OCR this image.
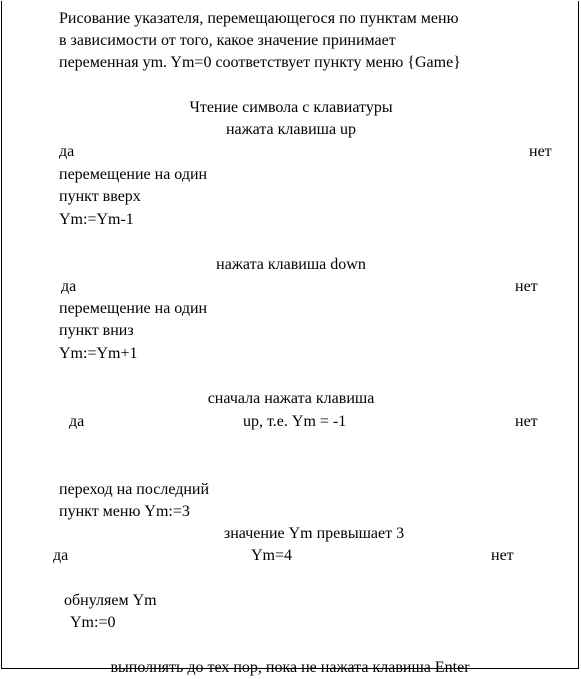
Рисование указателя, перемещающегося по пунктам меню
в зависимости от того, какое значение принимает
переменная ym. Ym=0 соответствует пункту меню {Game}
Чтение символа с клавиатуры
нажата клавиша up
да	нет
перемещение на один
пункт вверх
Ym:=Ym-1
нажата клавиша down
да	нет
перемещение на один
пункт вниз
Ym:=Ym+1
сначала нажата клавиша
да	up, т.е. Ym = -1	нет
переход на последний
пункт меню Ym:=3
значение Ym превышает 3
да	Ym=4	нет
обнуляем Ym
Ym:=0
выполнять до тех пор, пока не нажата клавиша Enter
